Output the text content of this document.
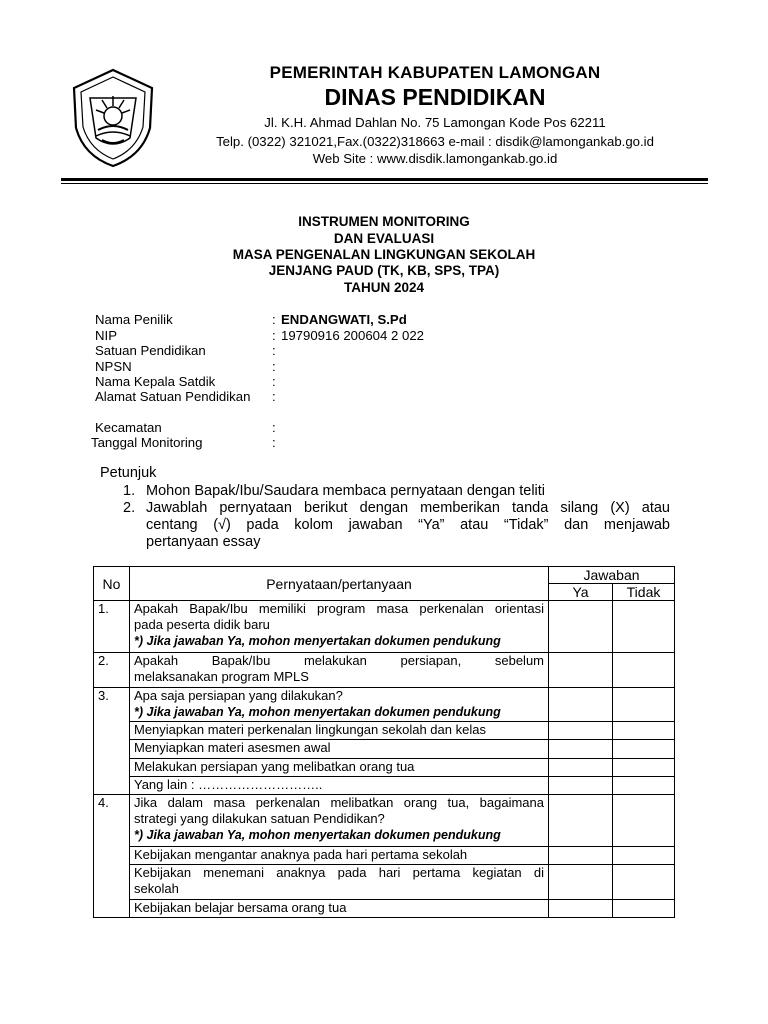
PEMERINTAH KABUPATEN LAMONGAN
DINAS PENDIDIKAN
Jl. K.H. Ahmad Dahlan No. 75 Lamongan Kode Pos 62211
Telp. (0322) 321021,Fax.(0322)318663 e-mail : disdik@lamongankab.go.id
Web Site : www.disdik.lamongankab.go.id
INSTRUMEN MONITORING
DAN EVALUASI
MASA PENGENALAN LINGKUNGAN SEKOLAH
JENJANG PAUD (TK, KB, SPS, TPA)
TAHUN 2024
Nama Penilik	: ENDANGWATI, S.Pd
NIP	: 19790916 200604 2 022
Satuan Pendidikan	:
NPSN	:
Nama Kepala Satdik	:
Alamat Satuan Pendidikan :
Kecamatan	:
Tanggal Monitoring	:
Petunjuk
1. Mohon Bapak/Ibu/Saudara membaca pernyataan dengan teliti
2. Jawablah pernyataan berikut dengan memberikan tanda silang (X) atau
centang (√) pada kolom jawaban “Ya” atau “Tidak” dan menjawab
pertanyaan essay
No	Pernyataan/pertanyaan	Jawaban	
		Ya	Tidak
1.	Apakah Bapak/Ibu memiliki program masa perkenalan orientasi
pada peserta didik baru
*) Jika jawaban Ya, mohon menyertakan dokumen pendukung		

2.	Apakah Bapak/Ibu melakukan persiapan, sebelum
melaksanakan program MPLS		

3.	Apa saja persiapan yang dilakukan?
*) Jika jawaban Ya, mohon menyertakan dokumen pendukung		

	Menyiapkan materi perkenalan lingkungan sekolah dan kelas		
	Menyiapkan materi asesmen awal		
	Melakukan persiapan yang melibatkan orang tua		
	Yang lain : ………………………..		
4.	Jika dalam masa perkenalan melibatkan orang tua, bagaimana
strategi yang dilakukan satuan Pendidikan?
*) Jika jawaban Ya, mohon menyertakan dokumen pendukung		

	Kebijakan mengantar anaknya pada hari pertama sekolah		

	Kebijakan menemani anaknya pada hari pertama kegiatan di
sekolah		

	Kebijakan belajar bersama orang tua		
